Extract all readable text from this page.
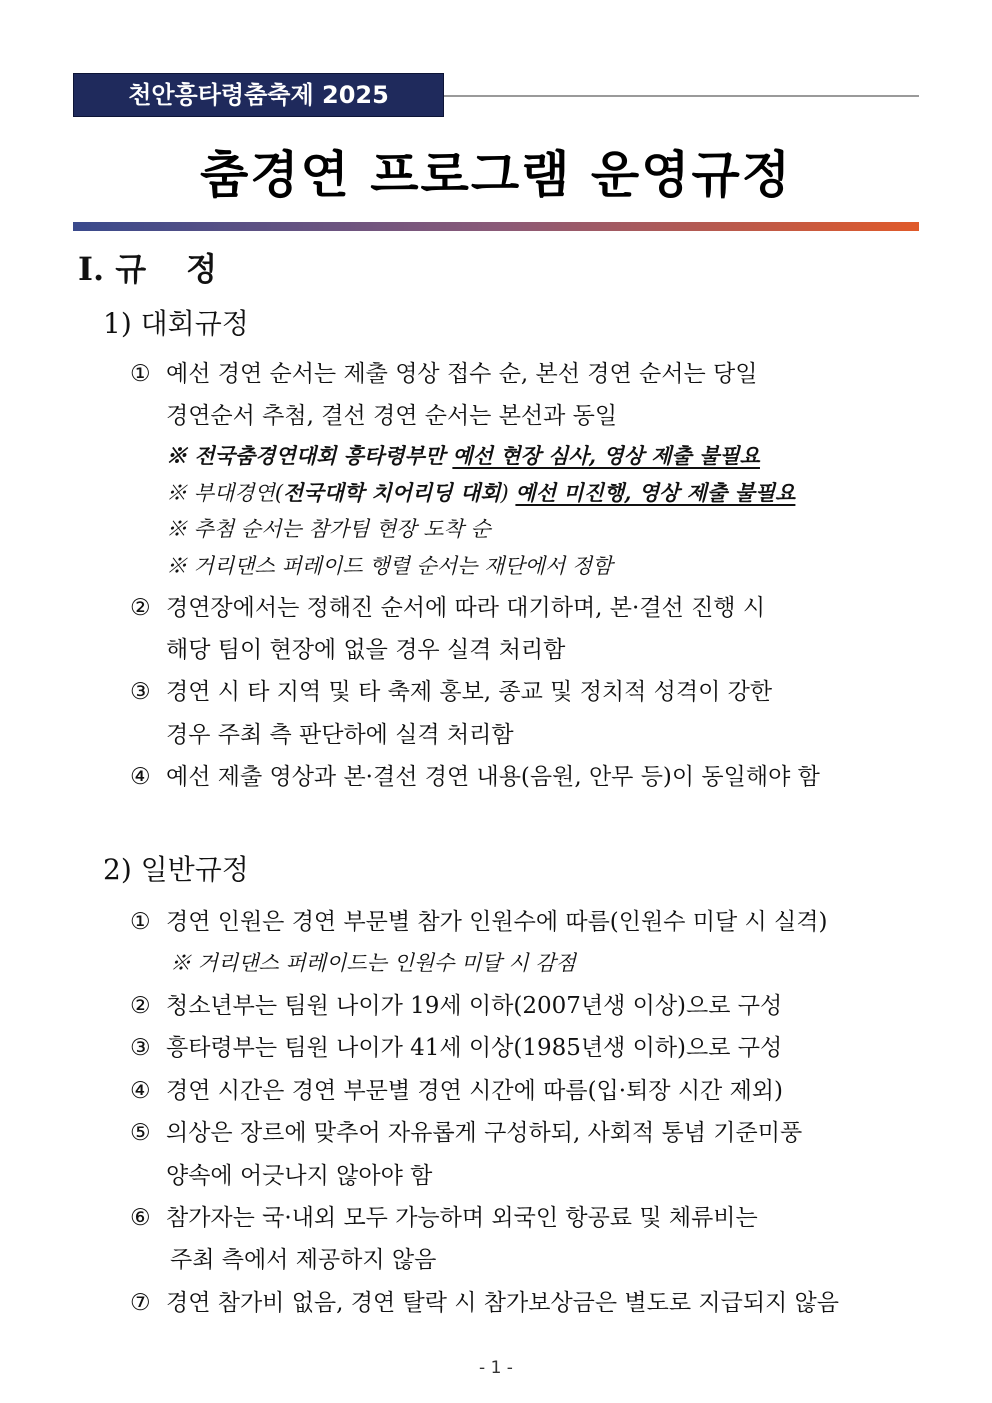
천안흥타령춤축제 2025
춤경연 프로그램 운영규정
Ⅰ. 규 정
1) 대회규정
① 예선 경연 순서는 제출 영상 접수 순, 본선 경연 순서는 당일
경연순서 추첨, 결선 경연 순서는 본선과 동일
※ 전국춤경연대회 흥타령부만 예선 현장 심사, 영상 제출 불필요
※ 부대경연(전국대학 치어리딩 대회) 예선 미진행, 영상 제출 불필요
※ 추첨 순서는 참가팀 현장 도착 순
※ 거리댄스 퍼레이드 행렬 순서는 재단에서 정함
② 경연장에서는 정해진 순서에 따라 대기하며, 본·결선 진행 시
해당 팀이 현장에 없을 경우 실격 처리함
③ 경연 시 타 지역 및 타 축제 홍보, 종교 및 정치적 성격이 강한
경우 주최 측 판단하에 실격 처리함
④ 예선 제출 영상과 본·결선 경연 내용(음원, 안무 등)이 동일해야 함
2) 일반규정
① 경연 인원은 경연 부문별 참가 인원수에 따름(인원수 미달 시 실격)
※ 거리댄스 퍼레이드는 인원수 미달 시 감점
② 청소년부는 팀원 나이가 19세 이하(2007년생 이상)으로 구성
③ 흥타령부는 팀원 나이가 41세 이상(1985년생 이하)으로 구성
④ 경연 시간은 경연 부문별 경연 시간에 따름(입·퇴장 시간 제외)
⑤ 의상은 장르에 맞추어 자유롭게 구성하되, 사회적 통념 기준미풍
양속에 어긋나지 않아야 함
⑥ 참가자는 국·내외 모두 가능하며 외국인 항공료 및 체류비는
주최 측에서 제공하지 않음
⑦ 경연 참가비 없음, 경연 탈락 시 참가보상금은 별도로 지급되지 않음
- 1 -
